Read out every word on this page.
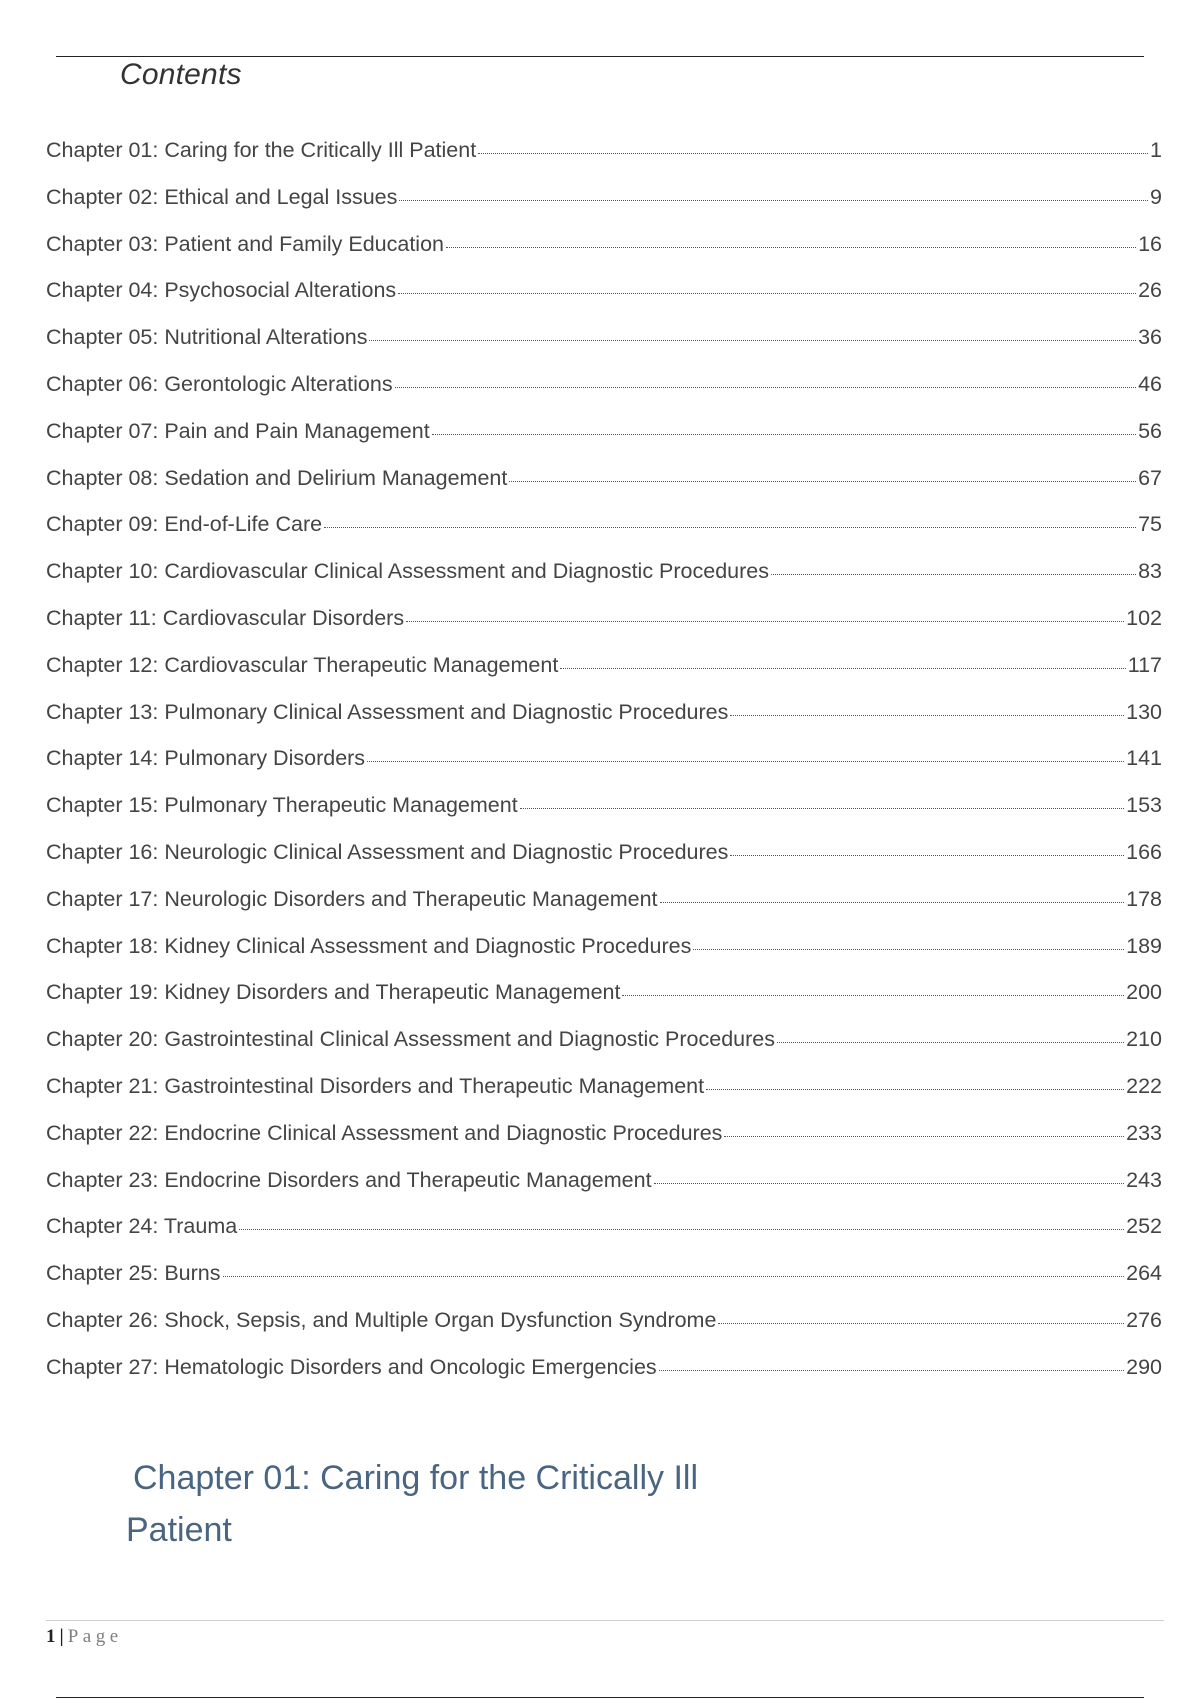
Contents
Chapter 01: Caring for the Critically Ill Patient	1
Chapter 02: Ethical and Legal Issues	9
Chapter 03: Patient and Family Education	16
Chapter 04: Psychosocial Alterations	26
Chapter 05: Nutritional Alterations	36
Chapter 06: Gerontologic Alterations	46
Chapter 07: Pain and Pain Management	56
Chapter 08: Sedation and Delirium Management	67
Chapter 09: End-of-Life Care	75
Chapter 10: Cardiovascular Clinical Assessment and Diagnostic Procedures	83
Chapter 11: Cardiovascular Disorders	102
Chapter 12: Cardiovascular Therapeutic Management	117
Chapter 13: Pulmonary Clinical Assessment and Diagnostic Procedures	130
Chapter 14: Pulmonary Disorders	141
Chapter 15: Pulmonary Therapeutic Management	153
Chapter 16: Neurologic Clinical Assessment and Diagnostic Procedures	166
Chapter 17: Neurologic Disorders and Therapeutic Management	178
Chapter 18: Kidney Clinical Assessment and Diagnostic Procedures	189
Chapter 19: Kidney Disorders and Therapeutic Management	200
Chapter 20: Gastrointestinal Clinical Assessment and Diagnostic Procedures	210
Chapter 21: Gastrointestinal Disorders and Therapeutic Management	222
Chapter 22: Endocrine Clinical Assessment and Diagnostic Procedures	233
Chapter 23: Endocrine Disorders and Therapeutic Management	243
Chapter 24: Trauma	252
Chapter 25: Burns	264
Chapter 26: Shock, Sepsis, and Multiple Organ Dysfunction Syndrome	276
Chapter 27: Hematologic Disorders and Oncologic Emergencies	290
Chapter 01: Caring for the Critically Ill
Patient
1 | Page
